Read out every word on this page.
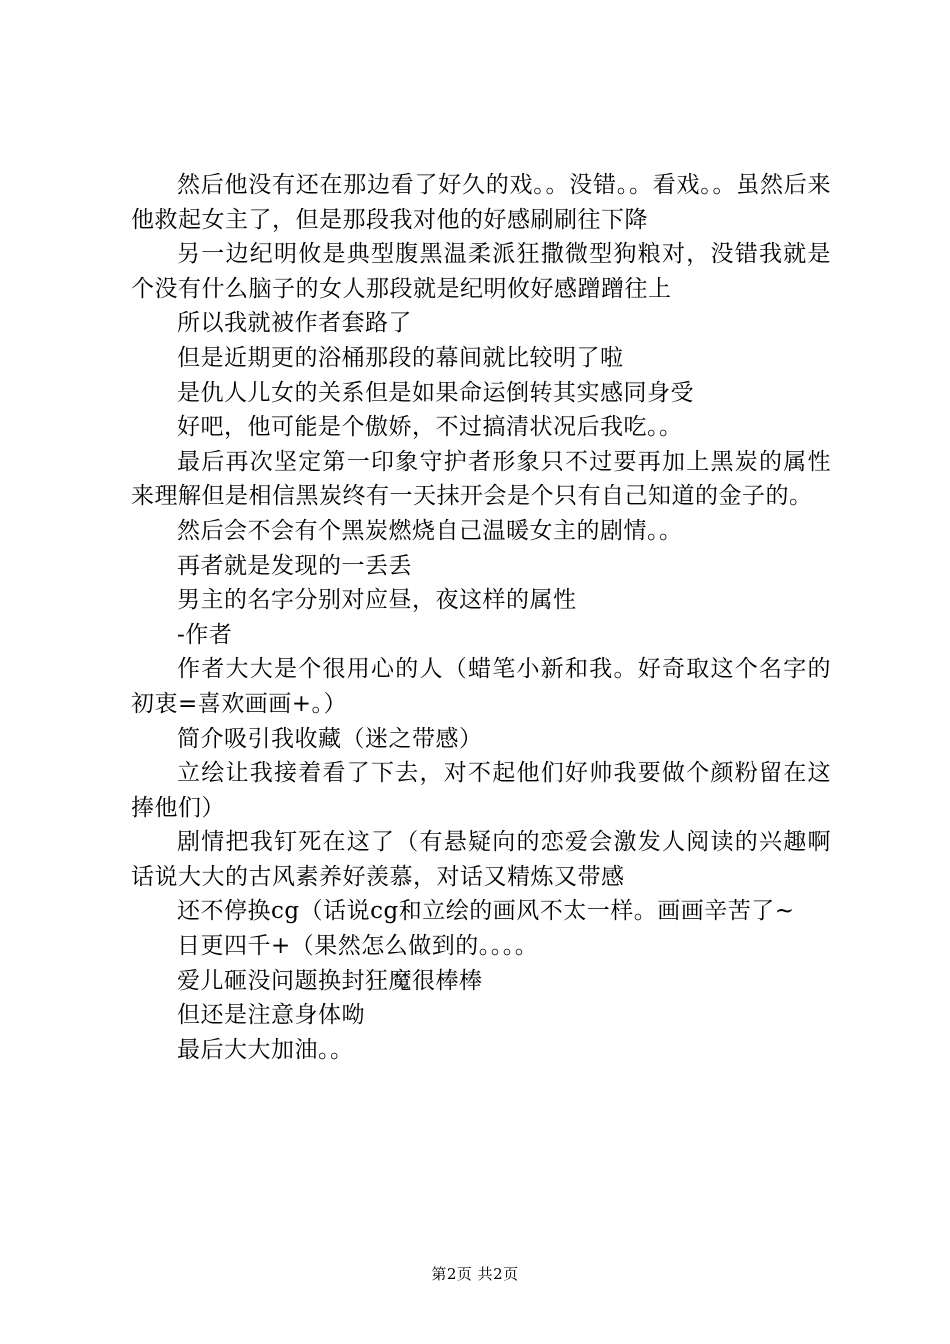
然后他没有还在那边看了好久的戏。。没错。。看戏。。虽然后来他救起女主了，但是那段我对他的好感刷刷往下降

另一边纪明攸是典型腹黑温柔派狂撒微型狗粮对，没错我就是个没有什么脑子的女人那段就是纪明攸好感蹭蹭往上

所以我就被作者套路了

但是近期更的浴桶那段的幕间就比较明了啦

是仇人儿女的关系但是如果命运倒转其实感同身受

好吧，他可能是个傲娇，不过搞清状况后我吃。。

最后再次坚定第一印象守护者形象只不过要再加上黑炭的属性来理解但是相信黑炭终有一天抹开会是个只有自己知道的金子的。

然后会不会有个黑炭燃烧自己温暖女主的剧情。。

再者就是发现的一丢丢

男主的名字分别对应昼，夜这样的属性

-作者

作者大大是个很用心的人（蜡笔小新和我。好奇取这个名字的初衷=喜欢画画+。）

简介吸引我收藏（迷之带感）

立绘让我接着看了下去，对不起他们好帅我要做个颜粉留在这捧他们）

剧情把我钉死在这了（有悬疑向的恋爱会激发人阅读的兴趣啊话说大大的古风素养好羡慕，对话又精炼又带感

还不停换cg（话说cg和立绘的画风不太一样。画画辛苦了~

日更四千+（果然怎么做到的。。。。

爱儿砸没问题换封狂魔很棒棒

但还是注意身体呦

最后大大加油。。

第2页 共2页
